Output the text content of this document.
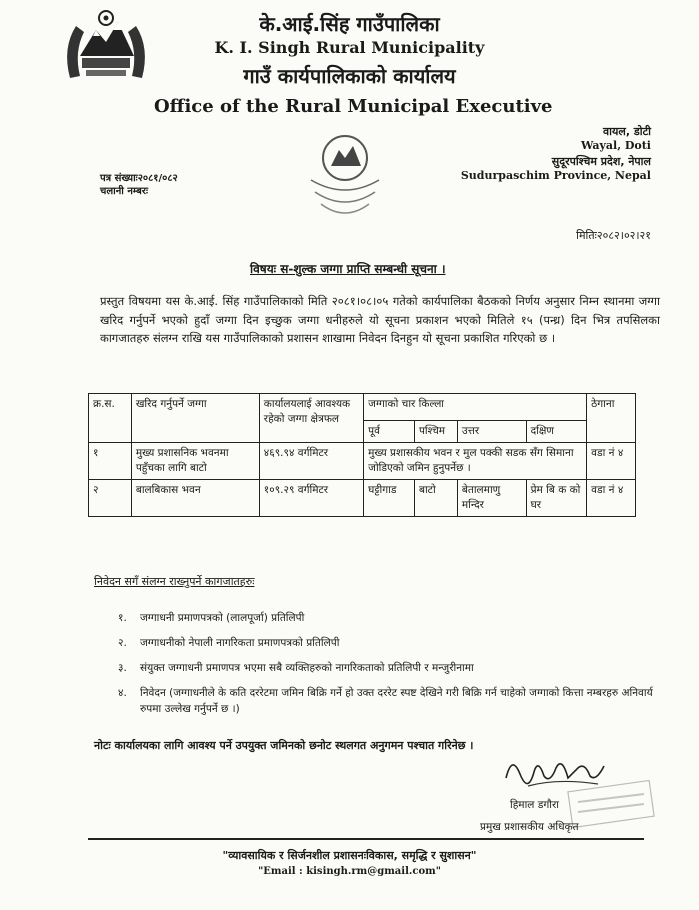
के.आई.सिंह गाउँपालिका
K. I. Singh Rural Municipality
गाउँ कार्यपालिकाको कार्यालय
Office of the Rural Municipal Executive
वायल, डोटी
Wayal, Doti
सुदूरपश्चिम प्रदेश, नेपाल
Sudurpaschim Province, Nepal
पत्र संख्याः२०८१/०८२
चलानी नम्बरः
मितिः२०८२।०२।२१
विषयः स-शुल्क जग्गा प्राप्ति सम्बन्धी सूचना ।
प्रस्तुत विषयमा यस के.आई. सिंह गाउँपालिकाको मिति २०८१।०८।०५ गतेको कार्यपालिका बैठकको निर्णय अनुसार निम्न स्थानमा जग्गा खरिद गर्नुपर्ने भएको हुदाँ जग्गा दिन इच्छुक जग्गा धनीहरुले यो सूचना प्रकाशन भएको मितिले १५ (पन्ध्र) दिन भित्र तपसिलका कागजातहरु संलग्न राखि यस गाउँपालिकाको प्रशासन शाखामा निवेदन दिनहुन यो सूचना प्रकाशित गरिएको छ ।
क्र.स.	खरिद गर्नुपर्ने जग्गा	कार्यालयलाई आवश्यक रहेको जग्गा क्षेत्रफल	जग्गाको चार किल्ला				ठेगाना
			पूर्व	पश्चिम	उत्तर	दक्षिण	
१	मुख्य प्रशासनिक भवनमा पहुँचका लागि बाटो	४६९.९४ वर्गमिटर	मुख्य प्रशासकीय भवन र मुल पक्की सडक सँग सिमाना जोडिएको जमिन हुनुपर्नेछ ।				वडा नं ४
२	बालबिकास भवन	१०९.२९ वर्गमिटर	घट्टीगाड	बाटो	बेतालमाणु मन्दिर	प्रेम बि क को घर	वडा नं ४
निवेदन सगँ संलग्न राख्नुपर्ने कागजातहरुः
१.	जग्गाधनी प्रमाणपत्रको (लालपूर्जा) प्रतिलिपी
२.	जग्गाधनीको नेपाली नागरिकता प्रमाणपत्रको प्रतिलिपी
३.	संयुक्त जग्गाधनी प्रमाणपत्र भएमा सबै व्यक्तिहरुको नागरिकताको प्रतिलिपी र मन्जुरीनामा
४.	निवेदन (जग्गाधनीले के कति दररेटमा जमिन बिक्रि गर्ने हो उक्त दररेट स्पष्ट देखिने गरी बिक्रि गर्न चाहेको जग्गाको कित्ता नम्बरहरु अनिवार्य रुपमा उल्लेख गर्नुपर्ने छ ।)
नोटः कार्यालयका लागि आवश्य पर्ने उपयुक्त जमिनको छनोट स्थलगत अनुगमन पश्चात गरिनेछ ।
हिमाल डगौरा
प्रमुख प्रशासकीय अधिकृत
"व्यावसायिक र सिर्जनशील प्रशासनःविकास, समृद्धि र सुशासन"
"Email : kisingh.rm@gmail.com"
